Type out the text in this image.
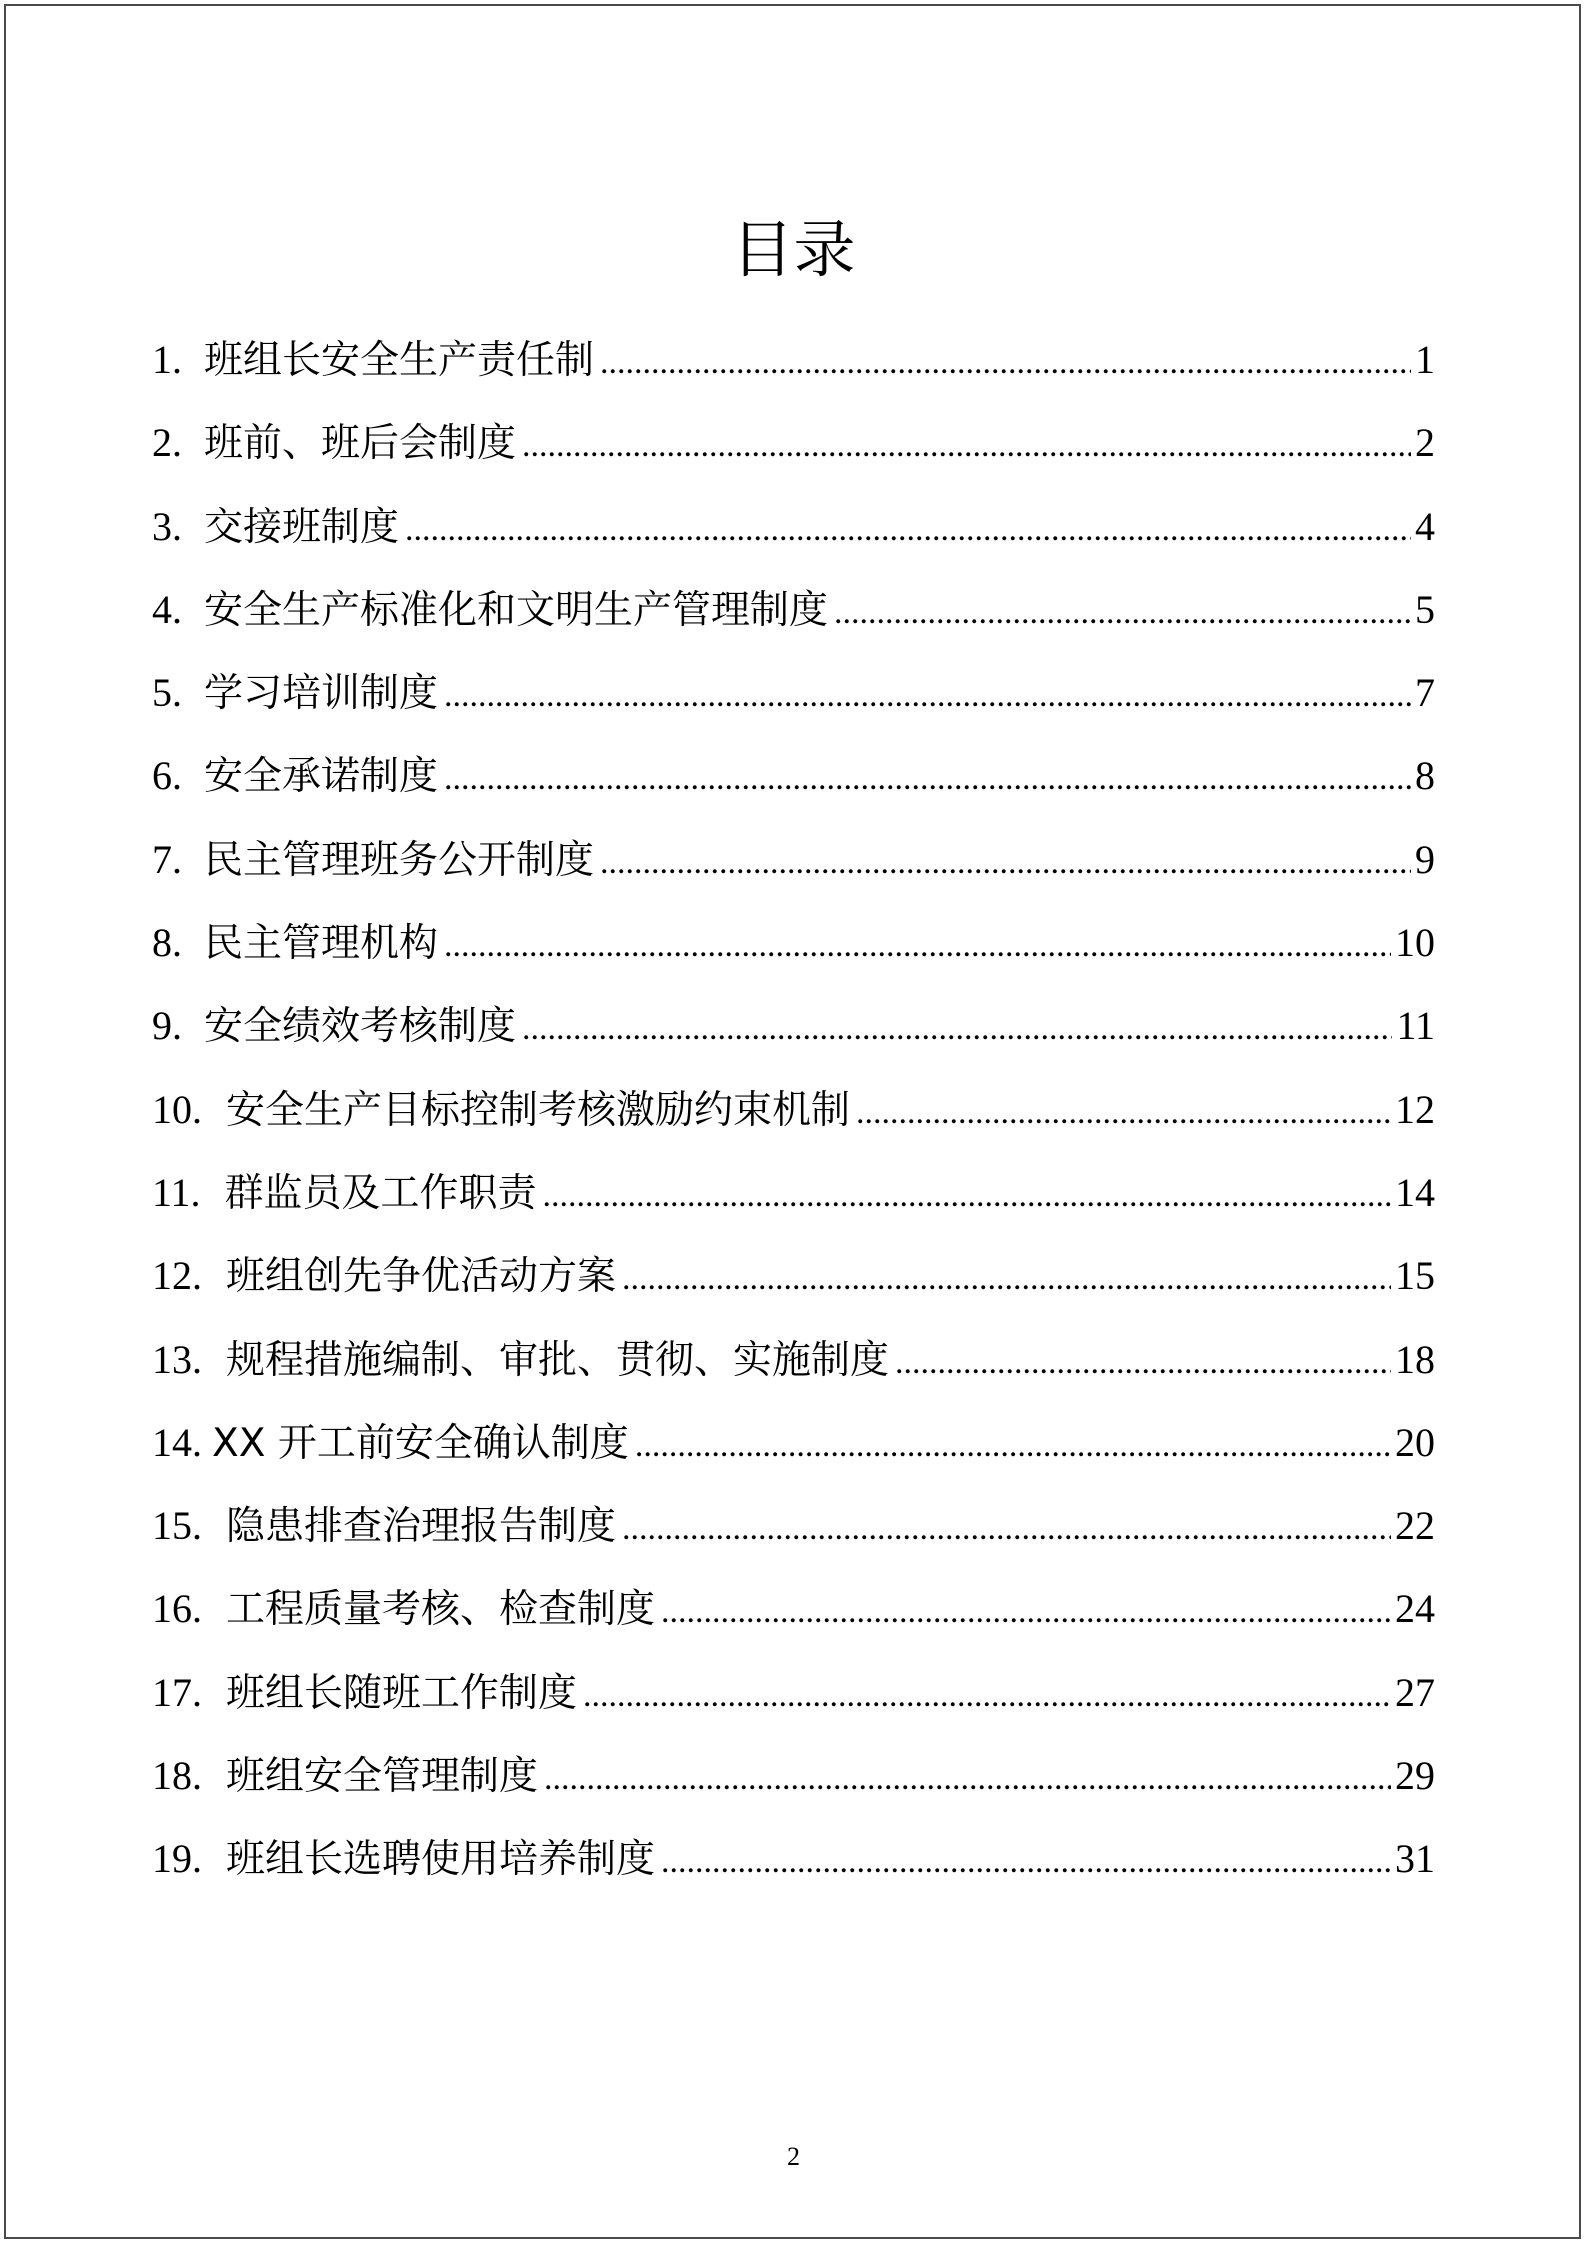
目录
1. 班组长安全生产责任制 .....	1
2. 班前、班后会制度 .....	2
3. 交接班制度 .....	4
4. 安全生产标准化和文明生产管理制度 .....	5
5. 学习培训制度 .....	7
6. 安全承诺制度 .....	8
7. 民主管理班务公开制度 .....	9
8. 民主管理机构 .....	10
9. 安全绩效考核制度 .....	11
10. 安全生产目标控制考核激励约束机制 .....	12
11. 群监员及工作职责 .....	14
12. 班组创先争优活动方案 .....	15
13. 规程措施编制、审批、贯彻、实施制度 .....	18
14. XX 开工前安全确认制度 .....	20
15. 隐患排查治理报告制度 .....	22
16. 工程质量考核、检查制度 .....	24
17. 班组长随班工作制度 .....	27
18. 班组安全管理制度 .....	29
19. 班组长选聘使用培养制度 .....	31
2
